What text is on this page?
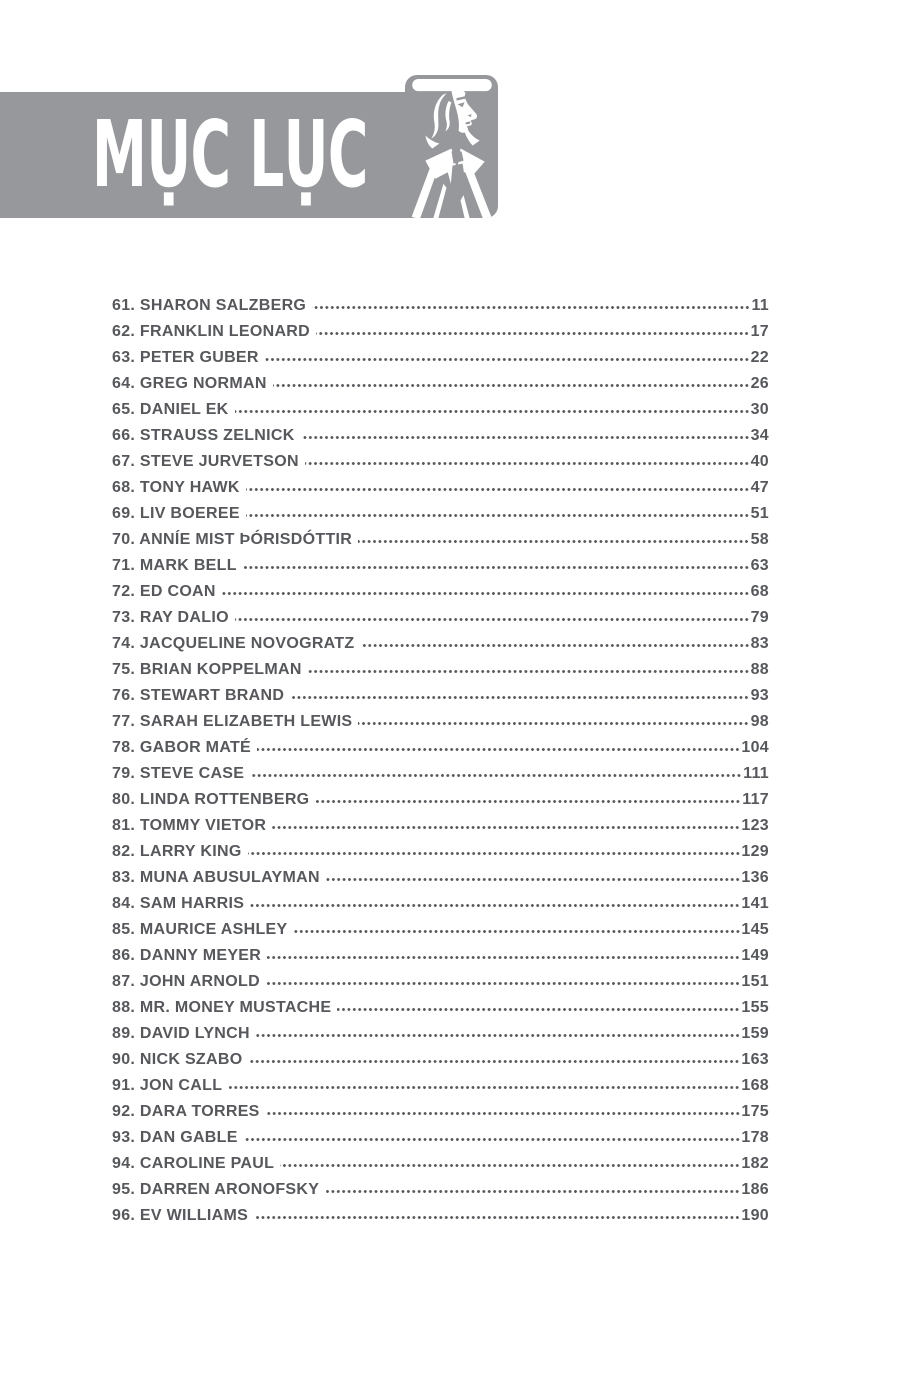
MỤC LỤC
61. SHARON SALZBERG	11
62. FRANKLIN LEONARD	17
63. PETER GUBER	22
64. GREG NORMAN	26
65. DANIEL EK	30
66. STRAUSS ZELNICK	34
67. STEVE JURVETSON	40
68. TONY HAWK	47
69. LIV BOEREE	51
70. ANNÍE MIST ÞÓRISDÓTTIR	58
71. MARK BELL	63
72. ED COAN	68
73. RAY DALIO	79
74. JACQUELINE NOVOGRATZ	83
75. BRIAN KOPPELMAN	88
76. STEWART BRAND	93
77. SARAH ELIZABETH LEWIS	98
78. GABOR MATÉ	104
79. STEVE CASE	111
80. LINDA ROTTENBERG	117
81. TOMMY VIETOR	123
82. LARRY KING	129
83. MUNA ABUSULAYMAN	136
84. SAM HARRIS	141
85. MAURICE ASHLEY	145
86. DANNY MEYER	149
87. JOHN ARNOLD	151
88. MR. MONEY MUSTACHE	155
89. DAVID LYNCH	159
90. NICK SZABO	163
91. JON CALL	168
92. DARA TORRES	175
93. DAN GABLE	178
94. CAROLINE PAUL	182
95. DARREN ARONOFSKY	186
96. EV WILLIAMS	190
